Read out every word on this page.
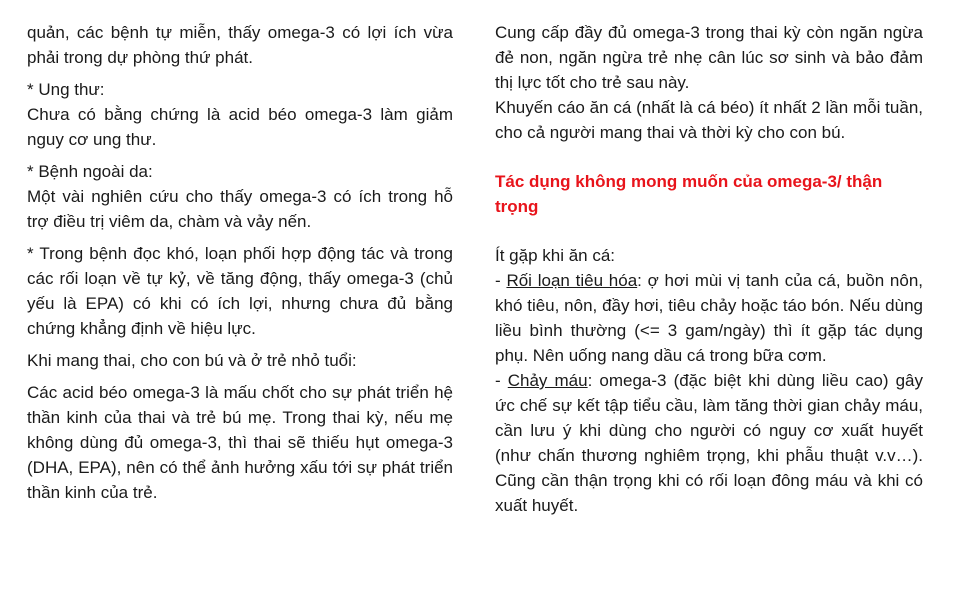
quản, các bệnh tự miễn, thấy omega-3 có lợi ích vừa phải trong dự phòng thứ phát.

* Ung thư:

Chưa có bằng chứng là acid béo omega-3 làm giảm nguy cơ ung thư.

* Bệnh ngoài da:

Một vài nghiên cứu cho thấy omega-3 có ích trong hỗ trợ điều trị viêm da, chàm và vảy nến.

* Trong bệnh đọc khó, loạn phối hợp động tác và trong các rối loạn về tự kỷ, về tăng động, thấy omega-3 (chủ yếu là EPA) có khi có ích lợi, nhưng chưa đủ bằng chứng khẳng định về hiệu lực.

Khi mang thai, cho con bú và ở trẻ nhỏ tuổi:

Các acid béo omega-3 là mấu chốt cho sự phát triển hệ thần kinh của thai và trẻ bú mẹ. Trong thai kỳ, nếu mẹ không dùng đủ omega-3, thì thai sẽ thiếu hụt omega-3 (DHA, EPA), nên có thể ảnh hưởng xấu tới sự phát triển thần kinh của trẻ.

Cung cấp đầy đủ omega-3 trong thai kỳ còn ngăn ngừa đẻ non, ngăn ngừa trẻ nhẹ cân lúc sơ sinh và bảo đảm thị lực tốt cho trẻ sau này.

Khuyến cáo ăn cá (nhất là cá béo) ít nhất 2 lần mỗi tuần, cho cả người mang thai và thời kỳ cho con bú.

Tác dụng không mong muốn của omega-3/ thận trọng

Ít gặp khi ăn cá:

- Rối loạn tiêu hóa: ợ hơi mùi vị tanh của cá, buồn nôn, khó tiêu, nôn, đầy hơi, tiêu chảy hoặc táo bón. Nếu dùng liều bình thường (<= 3 gam/ngày) thì ít gặp tác dụng phụ. Nên uống nang dầu cá trong bữa cơm.

- Chảy máu: omega-3 (đặc biệt khi dùng liều cao) gây ức chế sự kết tập tiểu cầu, làm tăng thời gian chảy máu, cần lưu ý khi dùng cho người có nguy cơ xuất huyết (như chấn thương nghiêm trọng, khi phẫu thuật v.v…). Cũng cần thận trọng khi có rối loạn đông máu và khi có xuất huyết.
